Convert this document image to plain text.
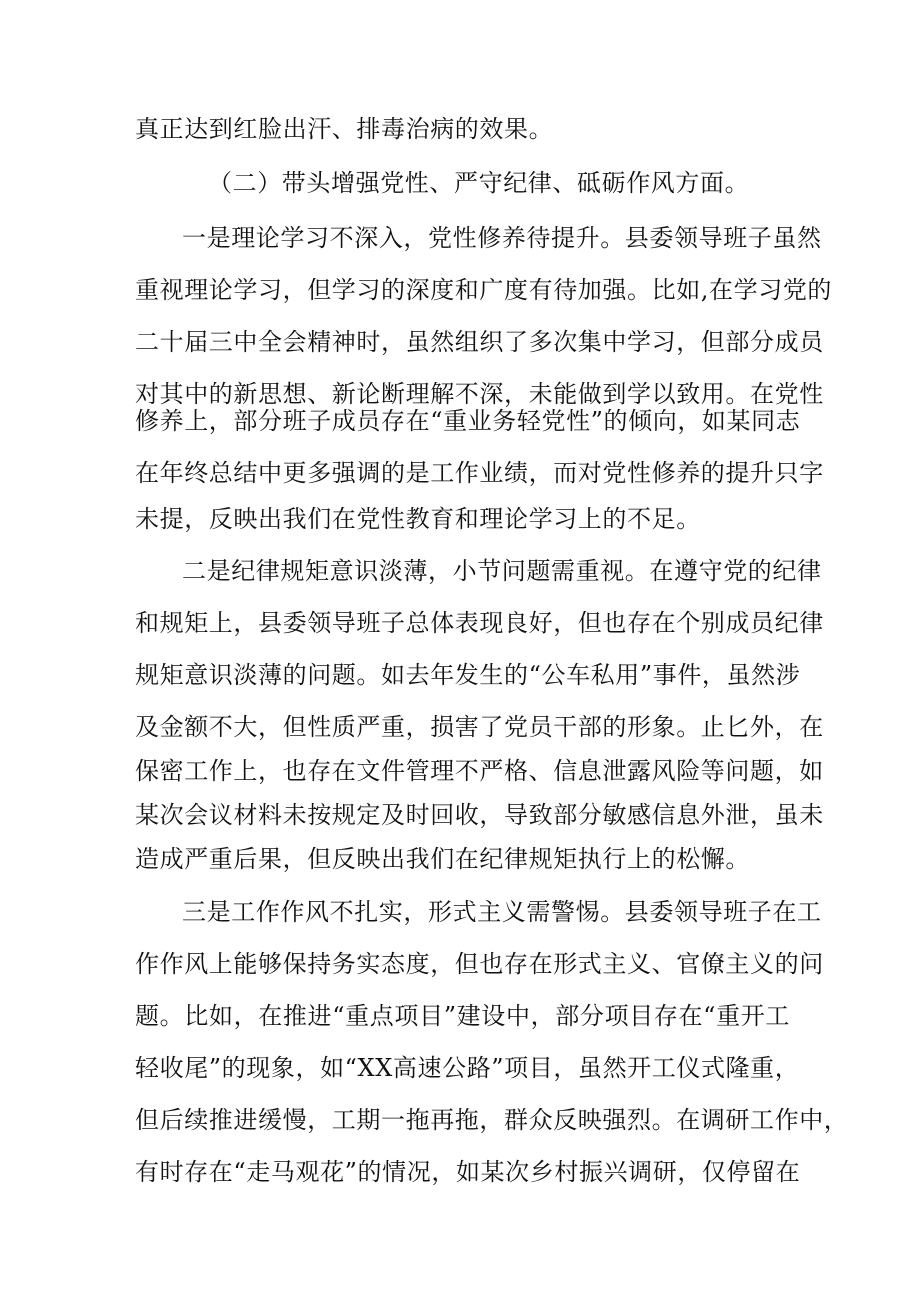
真正达到红脸出汗、排毒治病的效果。
（二）带头增强党性、严守纪律、砥砺作风方面。
一是理论学习不深入，党性修养待提升。县委领导班子虽然
重视理论学习，但学习的深度和广度有待加强。比如,在学习党的
二十届三中全会精神时，虽然组织了多次集中学习，但部分成员
对其中的新思想、新论断理解不深，未能做到学以致用。在党性
修养上，部分班子成员存在“重业务轻党性”的倾向，如某同志
在年终总结中更多强调的是工作业绩，而对党性修养的提升只字
未提，反映出我们在党性教育和理论学习上的不足。
二是纪律规矩意识淡薄，小节问题需重视。在遵守党的纪律
和规矩上，县委领导班子总体表现良好，但也存在个别成员纪律
规矩意识淡薄的问题。如去年发生的“公车私用”事件，虽然涉
及金额不大，但性质严重，损害了党员干部的形象。止匕外，在
保密工作上，也存在文件管理不严格、信息泄露风险等问题，如
某次会议材料未按规定及时回收，导致部分敏感信息外泄，虽未
造成严重后果，但反映出我们在纪律规矩执行上的松懈。
三是工作作风不扎实，形式主义需警惕。县委领导班子在工
作作风上能够保持务实态度，但也存在形式主义、官僚主义的问
题。比如，在推进“重点项目”建设中，部分项目存在“重开工
轻收尾”的现象，如“XX高速公路”项目，虽然开工仪式隆重，
但后续推进缓慢，工期一拖再拖，群众反映强烈。在调研工作中，
有时存在“走马观花”的情况，如某次乡村振兴调研，仅停留在
